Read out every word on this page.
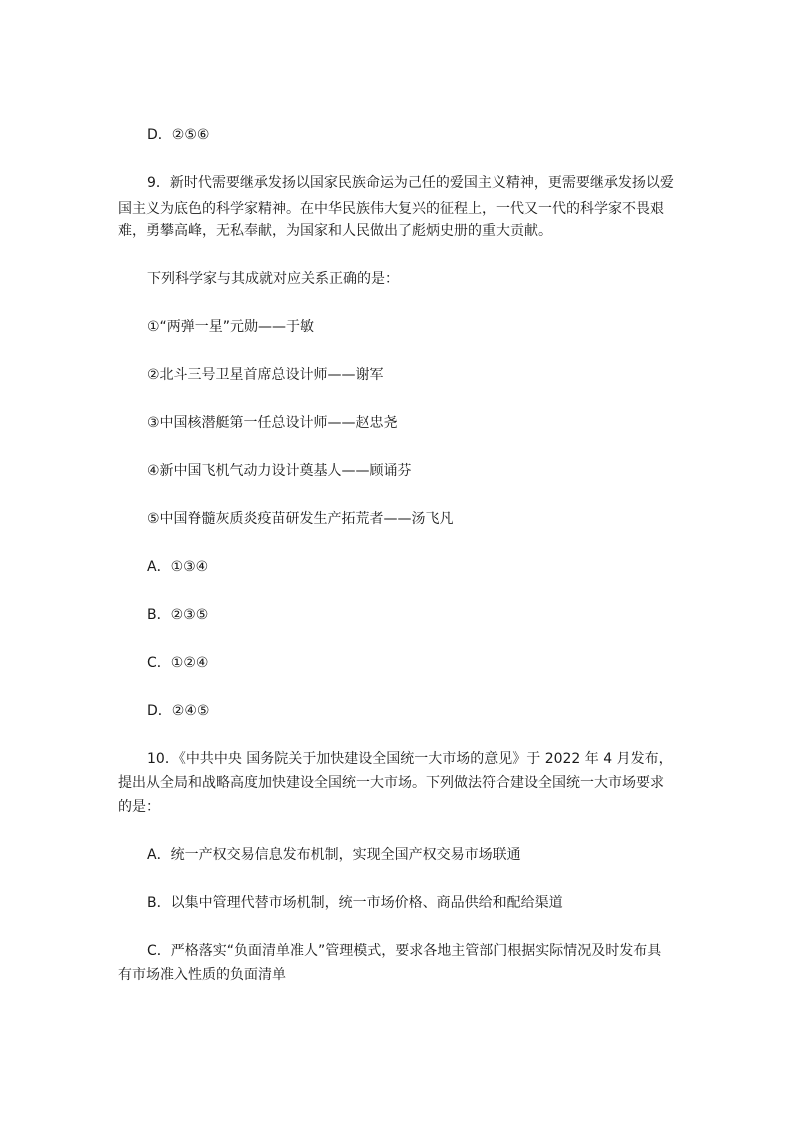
D．②⑤⑥

9．新时代需要继承发扬以国家民族命运为己任的爱国主义精神，更需要继承发扬以爱

国主义为底色的科学家精神。在中华民族伟大复兴的征程上，一代又一代的科学家不畏艰

难，勇攀高峰，无私奉献，为国家和人民做出了彪炳史册的重大贡献。

下列科学家与其成就对应关系正确的是：

①“两弹一星”元勋——于敏

②北斗三号卫星首席总设计师——谢军

③中国核潜艇第一任总设计师——赵忠尧

④新中国飞机气动力设计奠基人——顾诵芬

⑤中国脊髓灰质炎疫苗研发生产拓荒者——汤飞凡

A．①③④

B．②③⑤

C．①②④

D．②④⑤

10．《中共中央 国务院关于加快建设全国统一大市场的意见》于 2022 年 4 月发布，

提出从全局和战略高度加快建设全国统一大市场。下列做法符合建设全国统一大市场要求

的是：

A．统一产权交易信息发布机制，实现全国产权交易市场联通

B．以集中管理代替市场机制，统一市场价格、商品供给和配给渠道

C．严格落实“负面清单准人”管理模式，要求各地主管部门根据实际情况及时发布具

有市场准入性质的负面清单
